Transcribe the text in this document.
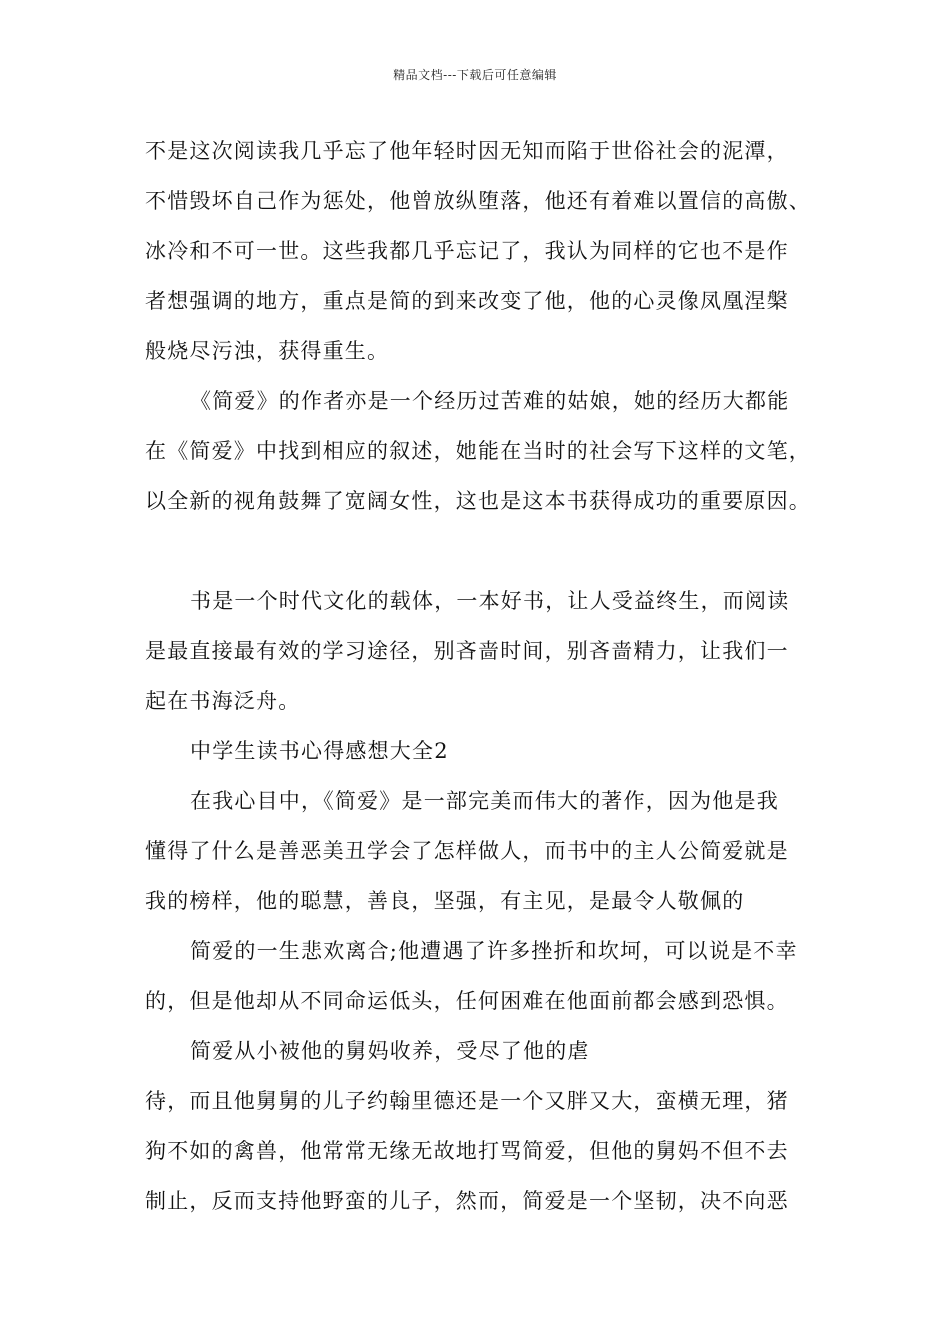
精品文档---下载后可任意编辑
不是这次阅读我几乎忘了他年轻时因无知而陷于世俗社会的泥潭，
不惜毁坏自己作为惩处，他曾放纵堕落，他还有着难以置信的高傲、
冰冷和不可一世。这些我都几乎忘记了，我认为同样的它也不是作
者想强调的地方，重点是简的到来改变了他，他的心灵像凤凰涅槃
般烧尽污浊，获得重生。
《简爱》的作者亦是一个经历过苦难的姑娘，她的经历大都能
在《简爱》中找到相应的叙述，她能在当时的社会写下这样的文笔，
以全新的视角鼓舞了宽阔女性，这也是这本书获得成功的重要原因。
书是一个时代文化的载体，一本好书，让人受益终生，而阅读
是最直接最有效的学习途径，别吝啬时间，别吝啬精力，让我们一
起在书海泛舟。
中学生读书心得感想大全2
在我心目中，《简爱》是一部完美而伟大的著作，因为他是我
懂得了什么是善恶美丑学会了怎样做人，而书中的主人公简爱就是
我的榜样，他的聪慧，善良，坚强，有主见，是最令人敬佩的
简爱的一生悲欢离合;他遭遇了许多挫折和坎坷，可以说是不幸
的，但是他却从不同命运低头，任何困难在他面前都会感到恐惧。
简爱从小被他的舅妈收养，受尽了他的虐
待，而且他舅舅的儿子约翰里德还是一个又胖又大，蛮横无理，猪
狗不如的禽兽，他常常无缘无故地打骂简爱，但他的舅妈不但不去
制止，反而支持他野蛮的儿子，然而，简爱是一个坚韧，决不向恶
